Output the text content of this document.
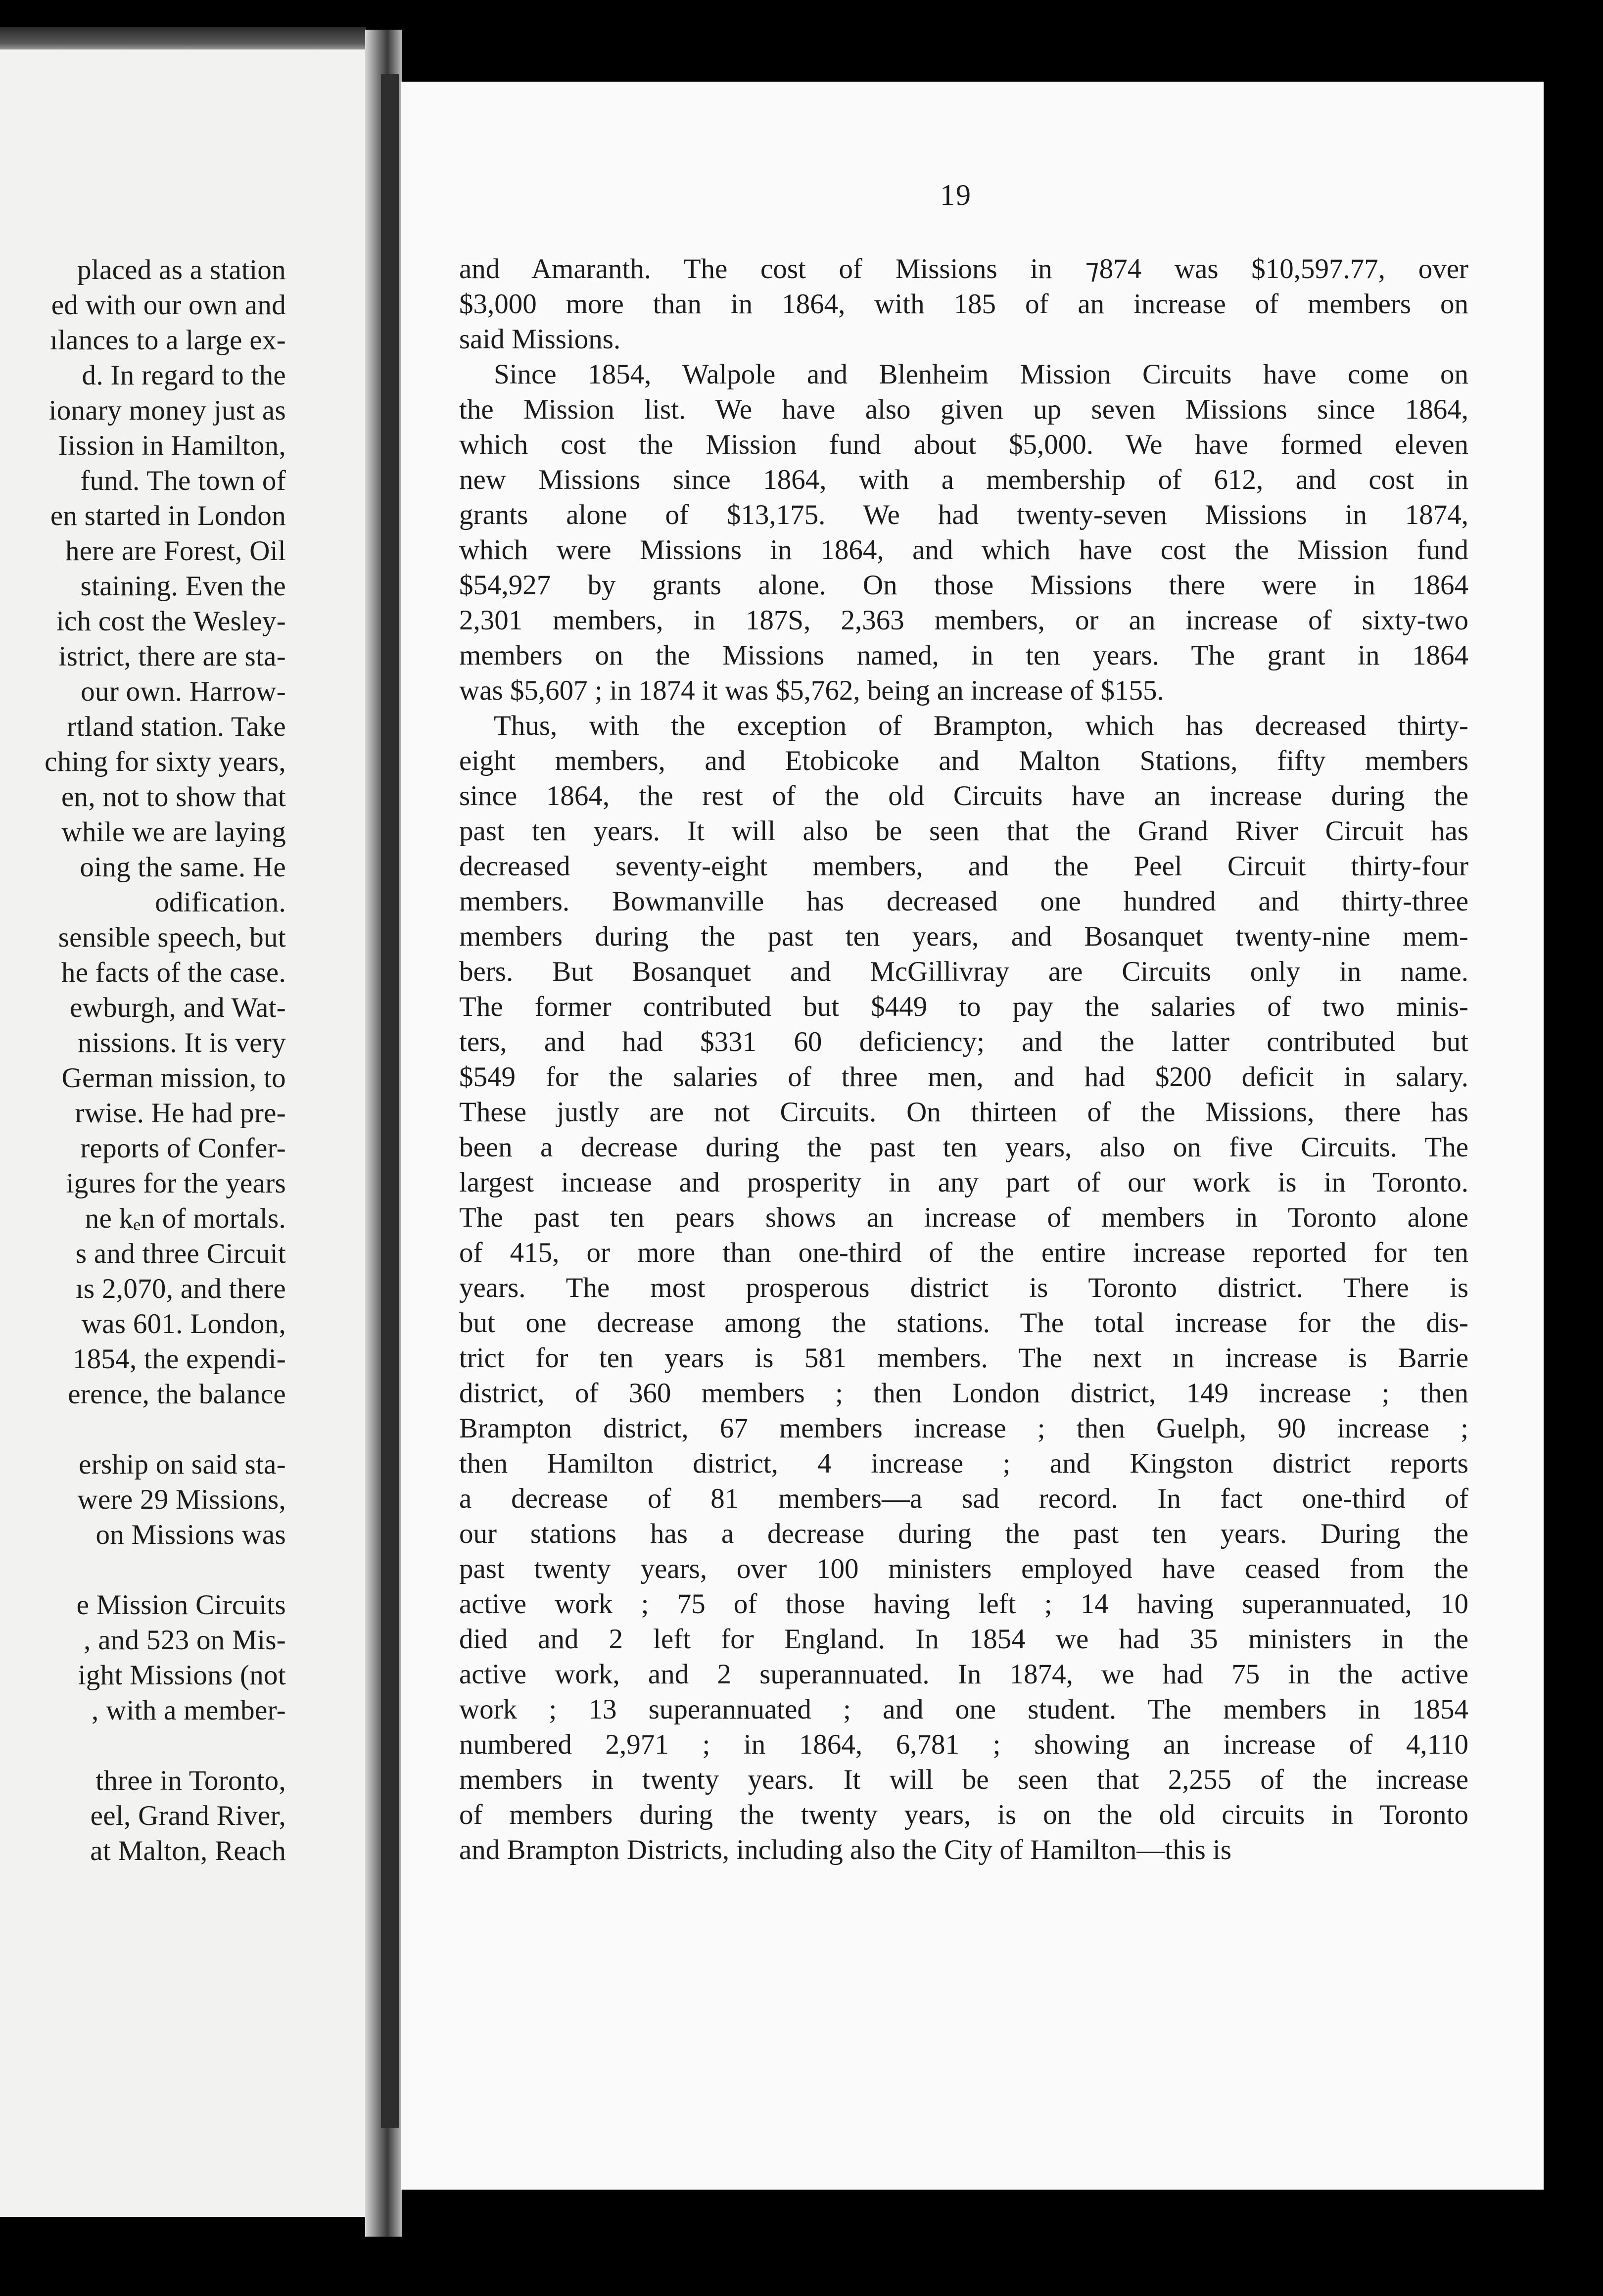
placed as a station
ed with our own and
ılances to a large ex-
d. In regard to the
ionary money just as
Iission in Hamilton,
fund. The town of
en started in London
here are Forest, Oil
staining. Even the
ich cost the Wesley-
istrict, there are sta-
our own. Harrow-
rtland station. Take
ching for sixty years,
en, not to show that
while we are laying
oing the same. He
odification.
sensible speech, but
he facts of the case.
ewburgh, and Wat-
nissions. It is very
German mission, to
rwise. He had pre-
reports of Confer-
igures for the years
ne kₑn of mortals.
s and three Circuit
ıs 2,070, and there
was 601. London,
1854, the expendi-
erence, the balance
ership on said sta-
were 29 Missions,
on Missions was
e Mission Circuits
, and 523 on Mis-
ight Missions (not
, with a member-
three in Toronto,
eel, Grand River,
at Malton, Reach
19
and Amaranth. The cost of Missions in ⁊874 was $10,597.77, over
$3,000 more than in 1864, with 185 of an increase of members on
said Missions.
Since 1854, Walpole and Blenheim Mission Circuits have come on
the Mission list. We have also given up seven Missions since 1864,
which cost the Mission fund about $5,000. We have formed eleven
new Missions since 1864, with a membership of 612, and cost in
grants alone of $13,175. We had twenty-seven Missions in 1874,
which were Missions in 1864, and which have cost the Mission fund
$54,927 by grants alone. On those Missions there were in 1864
2,301 members, in 187S, 2,363 members, or an increase of sixty-two
members on the Missions named, in ten years. The grant in 1864
was $5,607 ; in 1874 it was $5,762, being an increase of $155.
Thus, with the exception of Brampton, which has decreased thirty-
eight members, and Etobicoke and Malton Stations, fifty members
since 1864, the rest of the old Circuits have an increase during the
past ten years. It will also be seen that the Grand River Circuit has
decreased seventy-eight members, and the Peel Circuit thirty-four
members. Bowmanville has decreased one hundred and thirty-three
members during the past ten years, and Bosanquet twenty-nine mem-
bers. But Bosanquet and McGillivray are Circuits only in name.
The former contributed but $449 to pay the salaries of two minis-
ters, and had $331 60 deficiency; and the latter contributed but
$549 for the salaries of three men, and had $200 deficit in salary.
These justly are not Circuits. On thirteen of the Missions, there has
been a decrease during the past ten years, also on five Circuits. The
largest incıease and prosperity in any part of our work is in Toronto.
The past ten pears shows an increase of members in Toronto alone
of 415, or more than one-third of the entire increase reported for ten
years. The most prosperous district is Toronto district. There is
but one decrease among the stations. The total increase for the dis-
trict for ten years is 581 members. The next ın increase is Barrie
district, of 360 members ; then London district, 149 increase ; then
Brampton district, 67 members increase ; then Guelph, 90 increase ;
then Hamilton district, 4 increase ; and Kingston district reports
a decrease of 81 members—a sad record. In fact one-third of
our stations has a decrease during the past ten years. During the
past twenty years, over 100 ministers employed have ceased from the
active work ; 75 of those having left ; 14 having superannuated, 10
died and 2 left for England. In 1854 we had 35 ministers in the
active work, and 2 superannuated. In 1874, we had 75 in the active
work ; 13 superannuated ; and one student. The members in 1854
numbered 2,971 ; in 1864, 6,781 ; showing an increase of 4,110
members in twenty years. It will be seen that 2,255 of the increase
of members during the twenty years, is on the old circuits in Toronto
and Brampton Districts, including also the City of Hamilton—this is
